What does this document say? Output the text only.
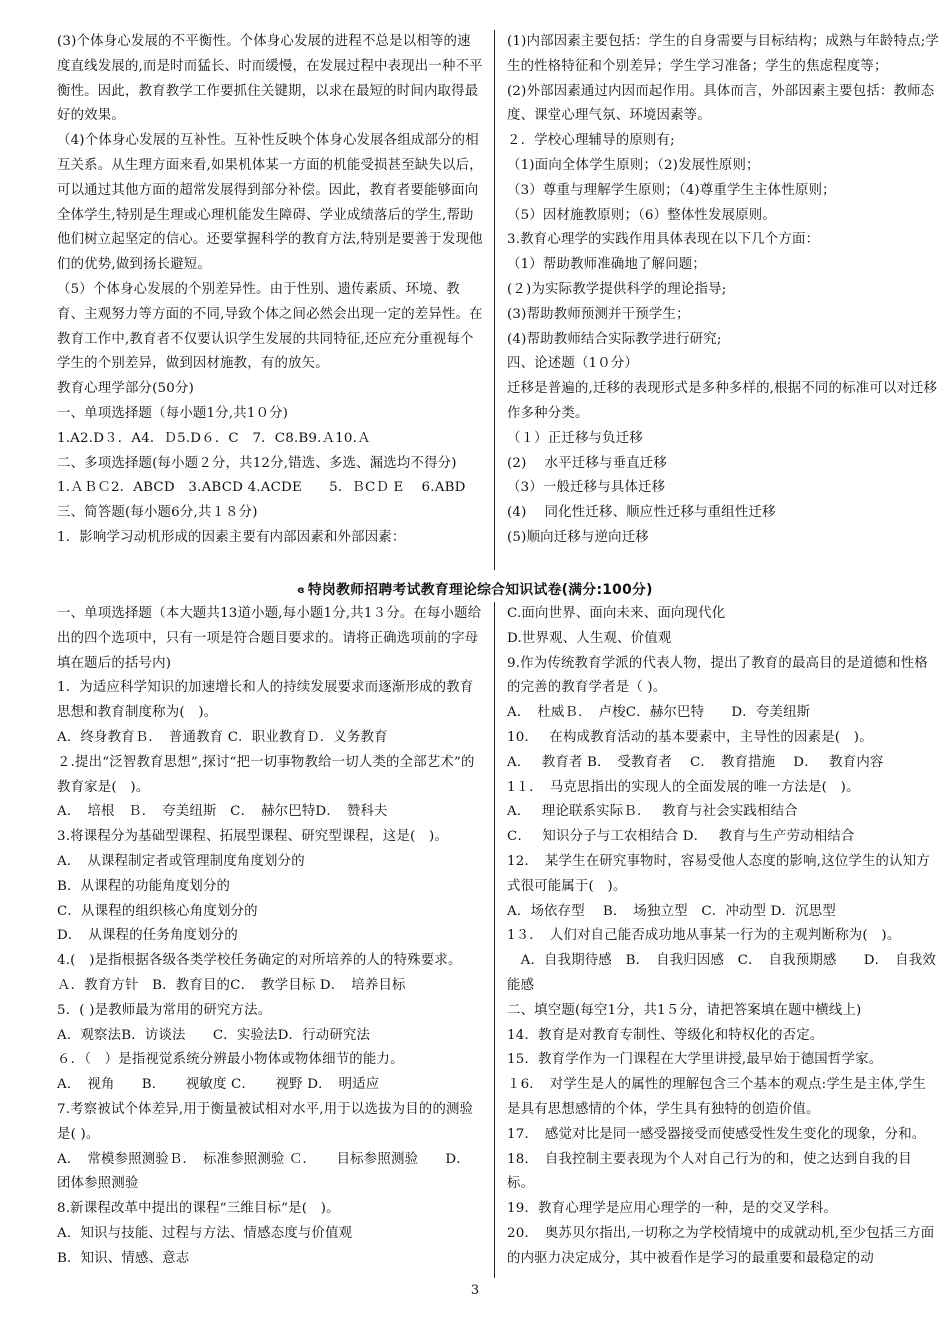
(3)个体身心发展的不平衡性。个体身心发展的进程不总是以相等的速度直线发展的,而是时而猛长、时而缓慢，在发展过程中表现出一种不平衡性。因此，教育教学工作要抓住关键期，以求在最短的时间内取得最好的效果。
（4)个体身心发展的互补性。互补性反映个体身心发展各组成部分的相互关系。从生理方面来看,如果机体某一方面的机能受损甚至缺失以后，可以通过其他方面的超常发展得到部分补偿。因此，教育者要能够面向全体学生,特别是生理或心理机能发生障碍、学业成绩落后的学生,帮助他们树立起坚定的信心。还要掌握科学的教育方法,特别是要善于发现他们的优势,做到扬长避短。
（5）个体身心发展的个别差异性。由于性别、遗传素质、环境、教育、主观努力等方面的不同,导致个体之间必然会出现一定的差异性。在教育工作中,教育者不仅要认识学生发展的共同特征,还应充分重视每个学生的个别差异，做到因材施教，有的放矢。
教育心理学部分(50分)
一、单项选择题（每小题1分,共1０分)
1.A2.D３．A4．Ｄ5.D６．C　7．C8.B9.Ａ10.Ａ
二、多项选择题(每小题２分，共12分,错选、多选、漏选均不得分)
1.ＡＢＣ2．ABCD　3.ABCD 4.ACDE　　5．ＢCＤ E　 6.ABD
三、简答题(每小题6分,共１８分)
1．影响学习动机形成的因素主要有内部因素和外部因素：
(1)内部因素主要包括：学生的自身需要与目标结构；成熟与年龄特点;学生的性格特征和个别差异；学生学习准备；学生的焦虑程度等；
(2)外部因素通过内因而起作用。具体而言，外部因素主要包括：教师态度、课堂心理气氛、环境因素等。
２．学校心理辅导的原则有;
（1)面向全体学生原则；（2)发展性原则；
（3）尊重与理解学生原则；（4)尊重学生主体性原则；
（5）因材施教原则；（6）整体性发展原则。
3.教育心理学的实践作用具体表现在以下几个方面：
（1）帮助教师准确地了解问题；
(２)为实际教学提供科学的理论指导;
(3)帮助教师预测并干预学生；
(4)帮助教师结合实际教学进行研究;
四、论述题（1０分）
迁移是普遍的,迁移的表现形式是多种多样的,根据不同的标准可以对迁移作多种分类。
（１）正迁移与负迁移
(2)　 水平迁移与垂直迁移
（3）一般迁移与具体迁移
(4)　 同化性迁移、顺应性迁移与重组性迁移
(5)顺向迁移与逆向迁移
ɞ 特岗教师招聘考试教育理论综合知识试卷(满分:100分)
一、单项选择题（本大题共13道小题,每小题1分,共1３分。在每小题给出的四个选项中，只有一项是符合题目要求的。请将正确选项前的字母填在题后的括号内)
1．为适应科学知识的加速增长和人的持续发展要求而逐渐形成的教育思想和教育制度称为(　)。
A．终身教育Ｂ．　普通教育 C．职业教育Ｄ．义务教育
２.提出“泛智教育思想”,探讨“把一切事物教给一切人类的全部艺术”的教育家是(　)。
A．　培根　Ｂ．　夸美纽斯　C．　赫尔巴特D．　赞科夫
3.将课程分为基础型课程、拓展型课程、研究型课程，这是(　)。
A．　从课程制定者或管理制度角度划分的
B．从课程的功能角度划分的
C．从课程的组织核心角度划分的
D．　从课程的任务角度划分的
4.(　)是指根据各级各类学校任务确定的对所培养的人的特殊要求。
Ａ．教育方针　B．教育目的C．　教学目标 D．　培养目标
5．( )是教师最为常用的研究方法。
A．观察法B．访谈法　　C．实验法D．行动研究法
６．（　）是指视觉系统分辨最小物体或物体细节的能力。
A．　视角　　B．　　视敏度 C．　　视野 D．　明适应
7.考察被试个体差异,用于衡量被试相对水平,用于以选拔为目的的测验是( )。
A．　常模参照测验Ｂ．　标准参照测验 Ｃ．　　目标参照测验　　D．团体参照测验
8.新课程改革中提出的课程“三维目标”是(　)。
A．知识与技能、过程与方法、情感态度与价值观
B．知识、情感、意志
C.面向世界、面向未来、面向现代化
D.世界观、人生观、价值观
9.作为传统教育学派的代表人物，提出了教育的最高目的是道德和性格的完善的教育学者是（ )。
A．　杜威Ｂ．　卢梭C．赫尔巴特　　D．夸美纽斯
10．　 在构成教育活动的基本要素中，主导性的因素是(　)。
A．　 教育者 B．　受教育者　 C．　教育措施　 D．　 教育内容
1１．　马克思指出的实现人的全面发展的唯一方法是(　)。
A．　 理论联系实际Ｂ．　 教育与社会实践相结合
C．　 知识分子与工农相结合 D．　 教育与生产劳动相结合
12．　某学生在研究事物时，容易受他人态度的影响,这位学生的认知方式很可能属于(　)。
A．场依存型　 B．　场独立型　C．冲动型 D．沉思型
1３．　人们对自己能否成功地从事某一行为的主观判断称为(　)。
　A．自我期待感　B．　自我归因感　C．　自我预期感　　D．　自我效能感
二、填空题(每空1分，共1５分，请把答案填在题中横线上)
14．教育是对教育专制性、等级化和特权化的否定。
15．教育学作为一门课程在大学里讲授,最早始于德国哲学家。
１6．　对学生是人的属性的理解包含三个基本的观点:学生是主体,学生是具有思想感情的个体，学生具有独特的创造价值。
17．　感觉对比是同一感受器接受而使感受性发生变化的现象，分和。
18．　自我控制主要表现为个人对自己行为的和，使之达到自我的目标。
19．教育心理学是应用心理学的一种，是的交叉学科。
20．　奥苏贝尔指出,一切称之为学校情境中的成就动机,至少包括三方面的内驱力决定成分，其中被看作是学习的最重要和最稳定的动
3
